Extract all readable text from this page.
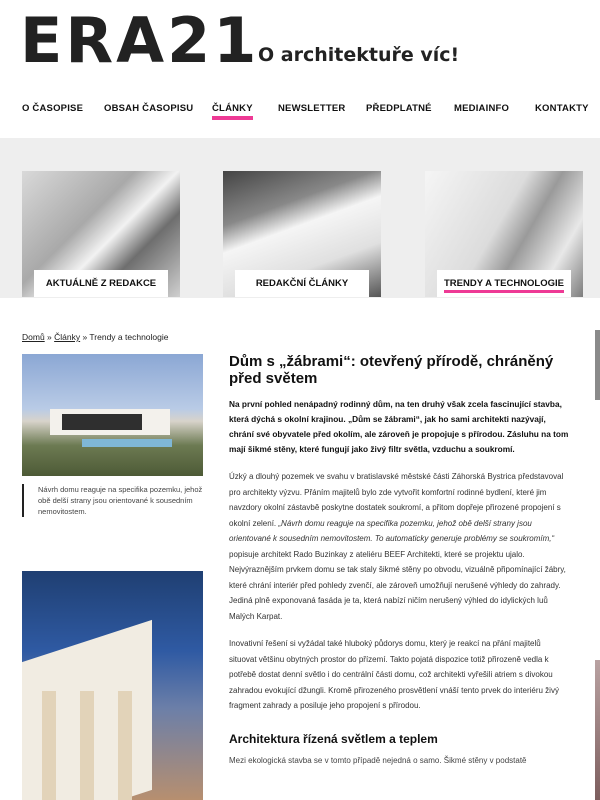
ERA21
O architektuře víc!
O ČASOPISE OBSAH ČASOPISU ČLÁNKY	NEWSLETTER PŘEDPLATNÉ MEDIAINFO	KONTAKTY
AKTUÁLNĚ Z REDAKCE	REDAKČNÍ ČLÁNKY	TRENDY A TECHNOLOGIE
Domů » Články » Trendy a technologie
Návrh domu reaguje na specifika pozemku, jehož obě delší strany jsou orientované k sousedním nemovitostem.
Dům s „žábrami“: otevřený přírodě, chráněný před světem

Na první pohled nenápadný rodinný dům, na ten druhý však zcela fascinující stavba, která dýchá s okolní krajinou. „Dům se žábrami“, jak ho sami architekti nazývají, chrání své obyvatele před okolím, ale zároveň je propojuje s přírodou. Zásluhu na tom mají šikmé stěny, které fungují jako živý filtr světla, vzduchu a soukromí.

Úzký a dlouhý pozemek ve svahu v bratislavské městské části Záhorská Bystrica představoval pro architekty výzvu. Přáním majitelů bylo zde vytvořit komfortní rodinné bydlení, které jim navzdory okolní zástavbě poskytne dostatek soukromí, a přitom dopřeje přirozené propojení s okolní zelení. „Návrh domu reaguje na specifika pozemku, jehož obě delší strany jsou orientované k sousedním nemovitostem. To automaticky generuje problémy se soukromím,“ popisuje architekt Rado Buzinkay z ateliéru BEEF Architekti, které se projektu ujalo. Nejvýraznějším prvkem domu se tak staly šikmé stěny po obvodu, vizuálně připomínající žábry, které chrání interiér před pohledy zvenčí, ale zároveň umožňují nerušené výhledy do zahrady. Jediná plně exponovaná fasáda je ta, která nabízí ničím nerušený výhled do idylických luů Malých Karpat.

Inovativní řešení si vyžádal také hluboký půdorys domu, který je reakcí na přání majitelů situovat většinu obytných prostor do přízemí. Takto pojatá dispozice totiž přirozeně vedla k potřebě dostat denní světlo i do centrální části domu, což architekti vyřešili atriem s divokou zahradou evokující džungli. Kromě přirozeného prosvětlení vnáší tento prvek do interiéru živý fragment zahrady a posiluje jeho propojení s přírodou.

Architektura řízená světlem a teplem

Mezi ekologická stavba se v tomto případě nejedná o samo. Šikmé stěny v podstatě
